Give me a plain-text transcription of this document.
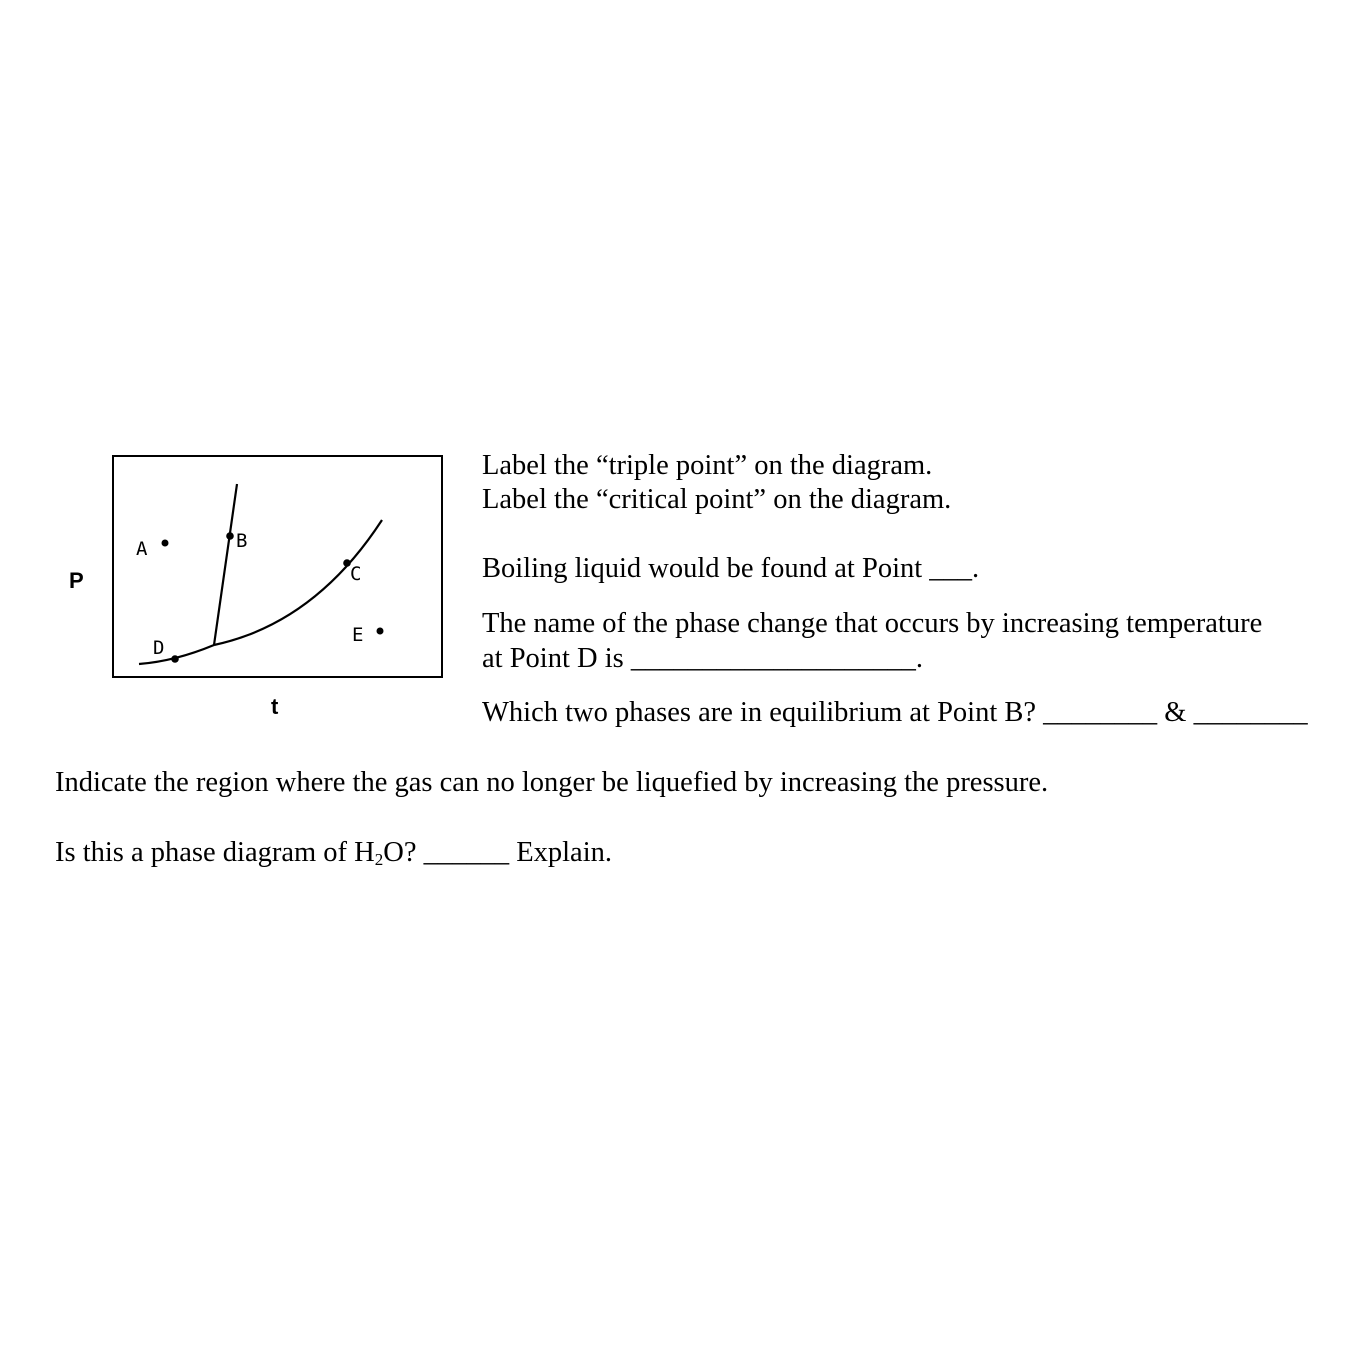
P
t
A	B
C
D
E
Label the “triple point” on the diagram.
Label the “critical point” on the diagram.
Boiling liquid would be found at Point ___.
The name of the phase change that occurs by increasing temperature
at Point D is ____________________.
Which two phases are in equilibrium at Point B? ________ & ________
Indicate the region where the gas can no longer be liquefied by increasing the pressure.
Is this a phase diagram of $H_2O$? ______ Explain.
